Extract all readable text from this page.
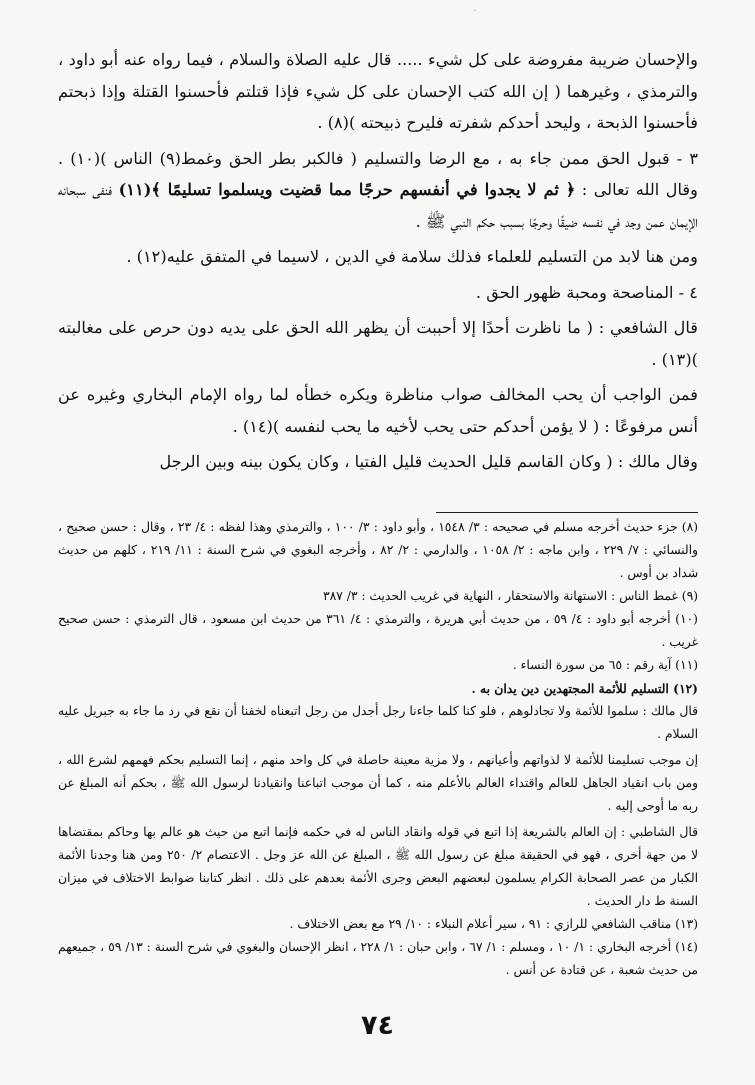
˙

والإحسان ضريبة مفروضة على كل شيء ..... قال عليه الصلاة والسلام ، فيما رواه عنه أبو داود ، والترمذي ، وغيرهما ( إن الله كتب الإحسان على كل شيء فإذا قتلتم فأحسنوا القتلة وإذا ذبحتم فأحسنوا الذبحة ، وليحد أحدكم شفرته فليرح ذبيحته )(٨) .

٣ - قبول الحق ممن جاء به ، مع الرضا والتسليم ( فالكبر بطر الحق وغمط(٩) الناس )(١٠) . وقال الله تعالى : ﴿ ثم لا يجدوا في أنفسهم حرجًا مما قضيت ويسلموا تسليمًا ﴾(١١) فنفى سبحانه الإيمان عمن وجد في نفسه ضيقًا وحرجًا بسبب حكم النبي ﷺ .

ومن هنا لابد من التسليم للعلماء فذلك سلامة في الدين ، لاسيما في المتفق عليه(١٢) .

٤ - المناصحة ومحبة ظهور الحق .

قال الشافعي : ( ما ناظرت أحدًا إلا أحببت أن يظهر الله الحق على يديه دون حرص على مغالبته )(١٣) .

فمن الواجب أن يحب المخالف صواب مناظرة ويكره خطأه لما رواه الإمام البخاري وغيره عن أنس مرفوعًا : ( لا يؤمن أحدكم حتى يحب لأخيه ما يحب لنفسه )(١٤) .

وقال مالك : ( وكان القاسم قليل الحديث قليل الفتيا ، وكان يكون بينه وبين الرجل

(٨) جزء حديث أخرجه مسلم في صحيحه : ٣/ ١٥٤٨ ، وأبو داود : ٣/ ١٠٠ ، والترمذي وهذا لفظه : ٤/ ٢٣ ، وقال : حسن صحيح ، والنسائي : ٧/ ٢٢٩ ، وابن ماجه : ٢/ ١٠٥٨ ، والدارمي : ٢/ ٨٢ ، وأخرجه البغوي في شرح السنة : ١١/ ٢١٩ ، كلهم من حديث شداد بن أوس .

(٩) غمط الناس : الاستهانة والاستحقار ، النهاية في غريب الحديث : ٣/ ٣٨٧

(١٠) أخرجه أبو داود : ٤/ ٥٩ ، من حديث أبي هريرة ، والترمذي : ٤/ ٣٦١ من حديث ابن مسعود ، قال الترمذي : حسن صحيح غريب .

(١١) آية رقم : ٦٥ من سورة النساء .

(١٢) التسليم للأئمة المجتهدين دين يدان به .

قال مالك : سلموا للأئمة ولا تجادلوهم ، فلو كنا كلما جاءنا رجل أجدل من رجل اتبعناه لخفنا أن نقع في رد ما جاء به جبريل عليه السلام .

إن موجب تسليمنا للأئمة لا لذواتهم وأعيانهم ، ولا مزية معينة حاصلة في كل واحد منهم ، إنما التسليم بحكم فهمهم لشرع الله ، ومن باب انقياد الجاهل للعالم واقتداء العالم بالأعلم منه ، كما أن موجب اتباعنا وانقيادنا لرسول الله ﷺ ، بحكم أنه المبلغ عن ربه ما أوحى إليه .

قال الشاطبي : إن العالم بالشريعة إذا اتبع في قوله وانقاد الناس له في حكمه فإنما اتبع من حيث هو عالم بها وحاكم بمقتضاها لا من جهة أخرى ، فهو في الحقيقة مبلغ عن رسول الله ﷺ ، المبلغ عن الله عز وجل . الاعتصام ٢/ ٢٥٠ ومن هنا وجدنا الأئمة الكبار من عصر الصحابة الكرام يسلمون لبعضهم البعض وجرى الأئمة بعدهم على ذلك . انظر كتابنا ضوابط الاختلاف في ميزان السنة ط دار الحديث .

(١٣) مناقب الشافعي للرازي : ٩١ ، سير أعلام النبلاء : ١٠/ ٢٩ مع بعض الاختلاف .

(١٤) أخرجه البخاري : ١/ ١٠ ، ومسلم : ١/ ٦٧ ، وابن حبان : ١/ ٢٢٨ ، انظر الإحسان والبغوي في شرح السنة : ١٣/ ٥٩ ، جميعهم من حديث شعبة ، عن قتادة عن أنس .

٧٤
